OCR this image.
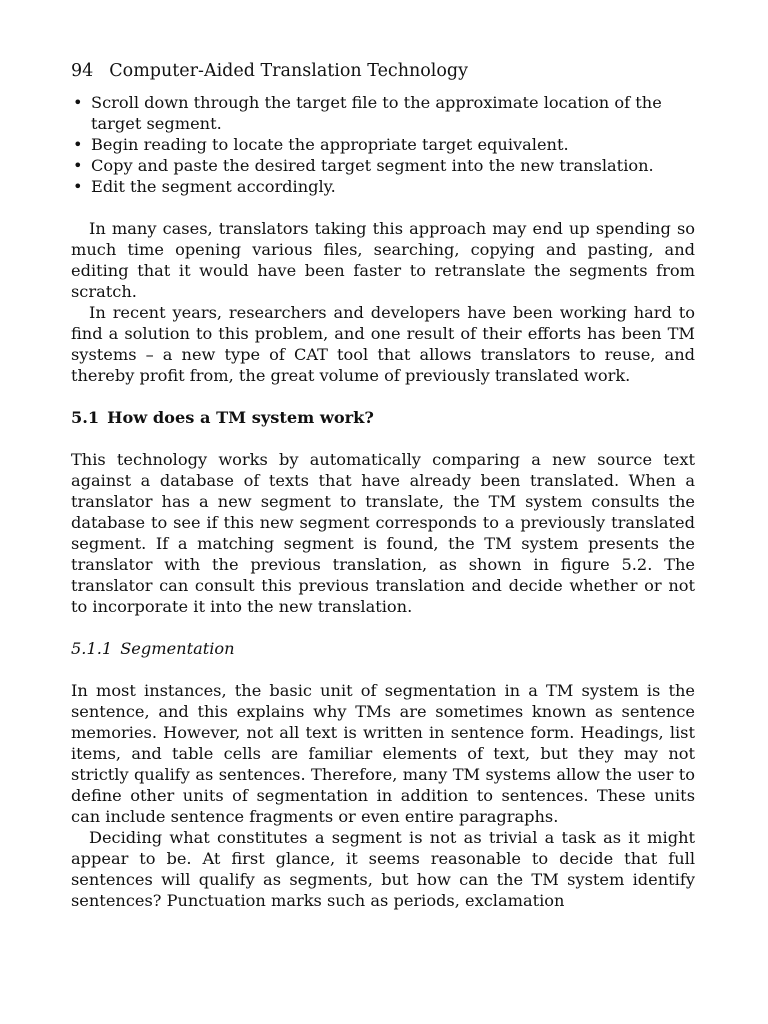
94 Computer-Aided Translation Technology
• Scroll down through the target file to the approximate location of the target segment.
• Begin reading to locate the appropriate target equivalent.
• Copy and paste the desired target segment into the new translation.
• Edit the segment accordingly.

In many cases, translators taking this approach may end up spending so much time opening various files, searching, copying and pasting, and editing that it would have been faster to retranslate the segments from scratch.

In recent years, researchers and developers have been working hard to find a solution to this problem, and one result of their efforts has been TM systems – a new type of CAT tool that allows translators to reuse, and thereby profit from, the great volume of previously translated work.

5.1 How does a TM system work?

This technology works by automatically comparing a new source text against a database of texts that have already been translated. When a translator has a new segment to translate, the TM system consults the database to see if this new segment corresponds to a previously translated segment. If a matching segment is found, the TM system presents the translator with the previous translation, as shown in figure 5.2. The translator can consult this previous translation and decide whether or not to incorporate it into the new translation.

5.1.1 Segmentation

In most instances, the basic unit of segmentation in a TM system is the sentence, and this explains why TMs are sometimes known as sentence memories. However, not all text is written in sentence form. Headings, list items, and table cells are familiar elements of text, but they may not strictly qualify as sentences. Therefore, many TM systems allow the user to define other units of segmentation in addition to sentences. These units can include sentence fragments or even entire paragraphs.

Deciding what constitutes a segment is not as trivial a task as it might appear to be. At first glance, it seems reasonable to decide that full sentences will qualify as segments, but how can the TM system identify sentences? Punctuation marks such as periods, exclamation
